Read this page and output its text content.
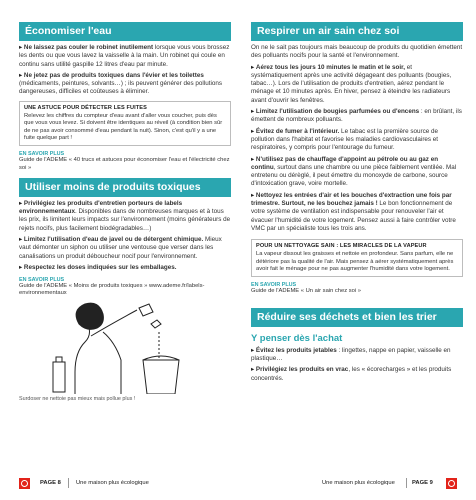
Économiser l'eau

▸ Ne laissez pas couler le robinet inutilement lorsque vous vous brossez les dents ou que vous lavez la vaisselle à la main. Un robinet qui coule en continu sans utilité gaspille 12 litres d'eau par minute.

▸ Ne jetez pas de produits toxiques dans l'évier et les toilettes (médicaments, peintures, solvants…) ; ils peuvent générer des pollutions dangereuses, difficiles et coûteuses à éliminer.

UNE ASTUCE POUR DÉTECTER LES FUITES

Relevez les chiffres du compteur d'eau avant d'aller vous coucher, puis dès que vous vous levez. Si doivent être identiques au réveil (à condition bien sûr de ne pas avoir consommé d'eau pendant la nuit). Sinon, c'est qu'il y a une fuite quelque part !

EN SAVOIR PLUS
Guide de l'ADEME « 40 trucs et astuces pour économiser l'eau et l'électricité chez soi »
Utiliser moins de produits toxiques

▸ Privilégiez les produits d'entretien porteurs de labels environnementaux. Disponibles dans de nombreuses marques et à tous les prix, ils limitent leurs impacts sur l'environnement (moins générateurs de rejets nocifs, plus facilement biodégradables…)

▸ Limitez l'utilisation d'eau de javel ou de détergent chimique. Mieux vaut démonter un siphon ou utiliser une ventouse que verser dans les canalisations un produit déboucheur nocif pour l'environnement.

▸ Respectez les doses indiquées sur les emballages.

EN SAVOIR PLUS
Guide de l'ADEME « Moins de produits toxiques » www.ademe.fr/labels-environnementaux
Surdoser ne nettoie pas mieux mais pollue plus !
Respirer un air sain chez soi

On ne le sait pas toujours mais beaucoup de produits du quotidien émettent des polluants nocifs pour la santé et l'environnement.

▸ Aérez tous les jours 10 minutes le matin et le soir, et systématiquement après une activité dégageant des polluants (bougies, tabac…). Lors de l'utilisation de produits d'entretien, aérez pendant le ménage et 10 minutes après. En hiver, pensez à éteindre les radiateurs avant d'ouvrir les fenêtres.

▸ Limitez l'utilisation de bougies parfumées ou d'encens : en brûlant, ils émettent de nombreux polluants.

▸ Évitez de fumer à l'intérieur. Le tabac est la première source de pollution dans l'habitat et favorise les maladies cardiovasculaires et respiratoires, y compris pour l'entourage du fumeur.

▸ N'utilisez pas de chauffage d'appoint au pétrole ou au gaz en continu, surtout dans une chambre ou une pièce faiblement ventilée. Mal entretenu ou dérèglé, il peut émettre du monoxyde de carbone, source d'intoxication grave, voire mortelle.

▸ Nettoyez les entrées d'air et les bouches d'extraction une fois par trimestre. Surtout, ne les bouchez jamais ! Le bon fonctionnement de votre système de ventilation est indispensable pour renouveler l'air et évacuer l'humidité de votre logement. Pensez aussi à faire contrôler votre VMC par un spécialiste tous les trois ans.

POUR UN NETTOYAGE SAIN : LES MIRACLES DE LA VAPEUR

La vapeur dissout les graisses et nettoie en profondeur. Sans parfum, elle ne détériore pas la qualité de l'air. Mais pensez à aérer systématiquement après avoir fait le ménage pour ne pas augmenter l'humidité dans votre logement.

EN SAVOIR PLUS
Guide de l'ADEME « Un air sain chez soi »
Réduire ses déchets et bien les trier
Y penser dès l'achat

▸ Évitez les produits jetables : lingettes, nappe en papier, vaisselle en plastique…

▸ Privilégiez les produits en vrac, les « écorecharges » et les produits concentrés.

PAGE 8	Une maison plus écologique	Une maison plus écologique	PAGE 9
